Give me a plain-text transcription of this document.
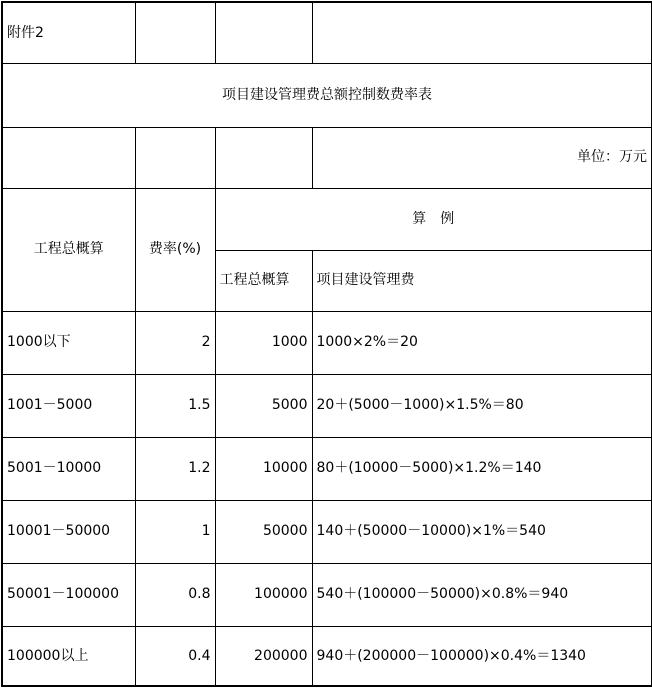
附件2			
项目建设管理费总额控制数费率表			
			单位：万元
工程总概算	费率(%)	算　例	
		工程总概算	项目建设管理费
1000以下	2	1000	1000×2%＝20
1001－5000	1.5	5000	20＋(5000－1000)×1.5%＝80
5001－10000	1.2	10000	80＋(10000－5000)×1.2%＝140
10001－50000	1	50000	140＋(50000－10000)×1%＝540
50001－100000	0.8	100000	540＋(100000－50000)×0.8%＝940
100000以上	0.4	200000	940＋(200000－100000)×0.4%＝1340
